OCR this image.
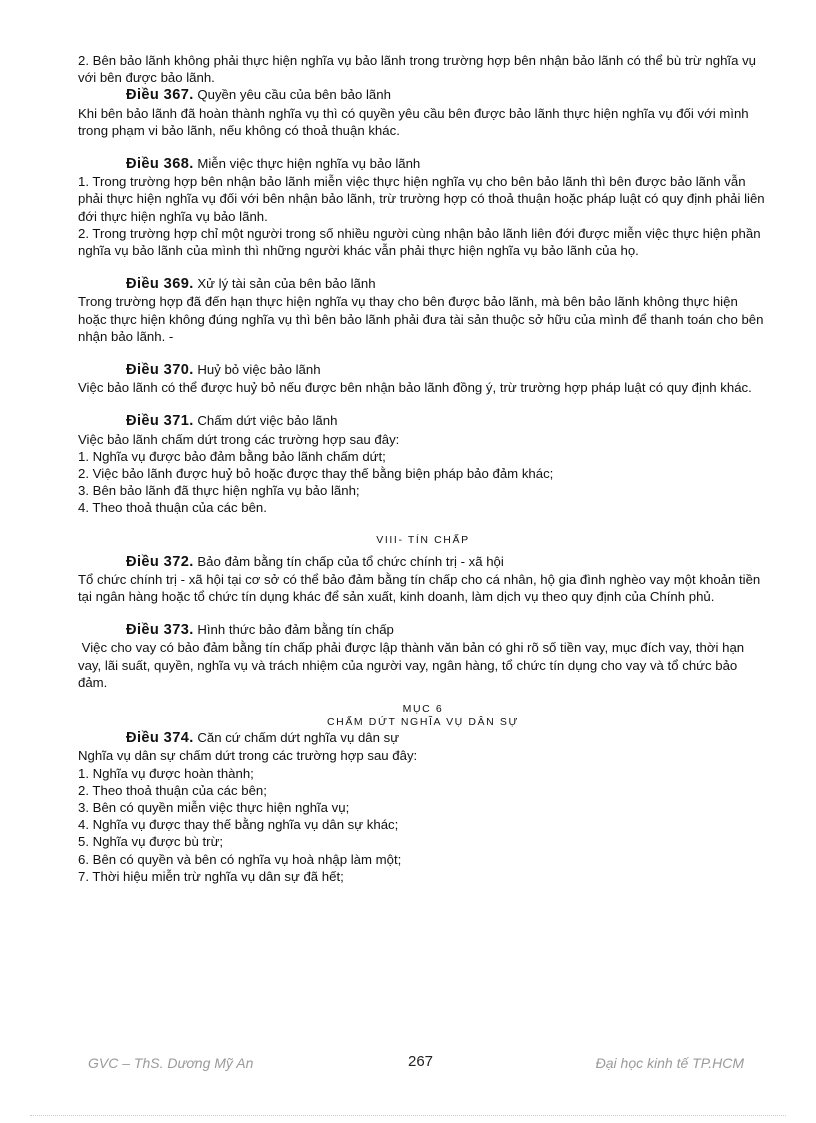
2. Bên bảo lãnh không phải thực hiện nghĩa vụ bảo lãnh trong trường hợp bên nhận bảo lãnh có thể bù trừ nghĩa vụ với bên được bảo lãnh.

Điều 367. Quyền yêu cầu của bên bảo lãnh

Khi bên bảo lãnh đã hoàn thành nghĩa vụ thì có quyền yêu cầu bên được bảo lãnh thực hiện nghĩa vụ đối với mình trong phạm vi bảo lãnh, nếu không có thoả thuận khác.

Điều 368. Miễn việc thực hiện nghĩa vụ bảo lãnh

1. Trong trường hợp bên nhận bảo lãnh miễn việc thực hiện nghĩa vụ cho bên bảo lãnh thì bên được bảo lãnh vẫn phải thực hiện nghĩa vụ đối với bên nhận bảo lãnh, trừ trường hợp có thoả thuận hoặc pháp luật có quy định phải liên đới thực hiện nghĩa vụ bảo lãnh.

2. Trong trường hợp chỉ một người trong số nhiều người cùng nhận bảo lãnh liên đới được miễn việc thực hiện phần nghĩa vụ bảo lãnh của mình thì những người khác vẫn phải thực hiện nghĩa vụ bảo lãnh của họ.

Điều 369. Xử lý tài sản của bên bảo lãnh

Trong trường hợp đã đến hạn thực hiện nghĩa vụ thay cho bên được bảo lãnh, mà bên bảo lãnh không thực hiện hoặc thực hiện không đúng nghĩa vụ thì bên bảo lãnh phải đưa tài sản thuộc sở hữu của mình để thanh toán cho bên nhận bảo lãnh. -

Điều 370. Huỷ bỏ việc bảo lãnh

Việc bảo lãnh có thể được huỷ bỏ nếu được bên nhận bảo lãnh đồng ý, trừ trường hợp pháp luật có quy định khác.

Điều 371. Chấm dứt việc bảo lãnh

Việc bảo lãnh chấm dứt trong các trường hợp sau đây:

1. Nghĩa vụ được bảo đảm bằng bảo lãnh chấm dứt;

2. Việc bảo lãnh được huỷ bỏ hoặc được thay thế bằng biện pháp bảo đảm khác;

3. Bên bảo lãnh đã thực hiện nghĩa vụ bảo lãnh;

4. Theo thoả thuận của các bên.

VIII- TÍN CHẤP
Điều 372. Bảo đảm bằng tín chấp của tổ chức chính trị - xã hội

Tổ chức chính trị - xã hội tại cơ sở có thể bảo đảm bằng tín chấp cho cá nhân, hộ gia đình nghèo vay một khoản tiền tại ngân hàng hoặc tổ chức tín dụng khác để sản xuất, kinh doanh, làm dịch vụ theo quy định của Chính phủ.

Điều 373. Hình thức bảo đảm bằng tín chấp

Việc cho vay có bảo đảm bằng tín chấp phải được lập thành văn bản có ghi rõ số tiền vay, mục đích vay, thời hạn vay, lãi suất, quyền, nghĩa vụ và trách nhiệm của người vay, ngân hàng, tổ chức tín dụng cho vay và tổ chức bảo đảm.

MỤC 6
CHẤM DỨT NGHĨA VỤ DÂN SỰ
Điều 374. Căn cứ chấm dứt nghĩa vụ dân sự

Nghĩa vụ dân sự chấm dứt trong các trường hợp sau đây:

1. Nghĩa vụ được hoàn thành;

2. Theo thoả thuận của các bên;

3. Bên có quyền miễn việc thực hiện nghĩa vụ;

4. Nghĩa vụ được thay thế bằng nghĩa vụ dân sự khác;

5. Nghĩa vụ được bù trừ;

6. Bên có quyền và bên có nghĩa vụ hoà nhập làm một;

7. Thời hiệu miễn trừ nghĩa vụ dân sự đã hết;

GVC – ThS. Dương Mỹ An	267	Đại học kinh tế TP.HCM
